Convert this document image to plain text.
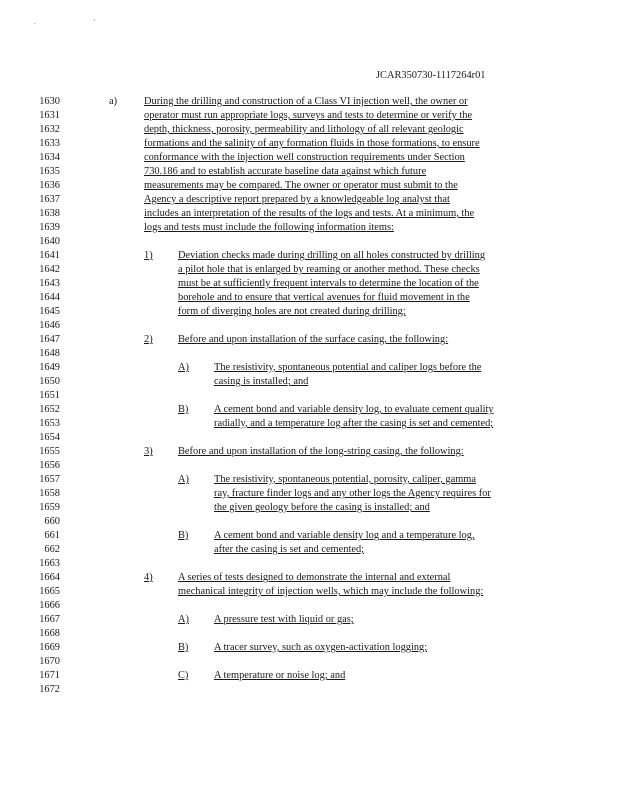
. '
JCAR350730-1117264r01
1630
1631
1632
1633
1634
1635
1636
1637
1638
1639
1640
1641
1642
1643
1644
1645
1646
1647
1648
1649
1650
1651
1652
1653
1654
1655
1656
1657
1658
1659
660
661
662
1663
1664
1665
1666
1667
1668
1669
1670
1671
1672
a)	During the drilling and construction of a Class VI injection well, the owner or
operator must run appropriate logs, surveys and tests to determine or verify the
depth, thickness, porosity, permeability and lithology of all relevant geologic
formations and the salinity of any formation fluids in those formations, to ensure
conformance with the injection well construction requirements under Section
730.186 and to establish accurate baseline data against which future
measurements may be compared. The owner or operator must submit to the
Agency a descriptive report prepared by a knowledgeable log analyst that
includes an interpretation of the results of the logs and tests. At a minimum, the
logs and tests must include the following information items:
1) Deviation checks made during drilling on all holes constructed by drilling
a pilot hole that is enlarged by reaming or another method. These checks
must be at sufficiently frequent intervals to determine the location of the
borehole and to ensure that vertical avenues for fluid movement in the
form of diverging holes are not created during drilling;
2) Before and upon installation of the surface casing, the following:
A) The resistivity, spontaneous potential and caliper logs before the
casing is installed; and
B) A cement bond and variable density log, to evaluate cement quality
radially, and a temperature log after the casing is set and cemented;
3) Before and upon installation of the long-string casing, the following:
A) The resistivity, spontaneous potential, porosity, caliper, gamma
ray, fracture finder logs and any other logs the Agency requires for
the given geology before the casing is installed; and
B) A cement bond and variable density log and a temperature log,
after the casing is set and cemented;
4) A series of tests designed to demonstrate the internal and external
mechanical integrity of injection wells, which may include the following:
A) A pressure test with liquid or gas;
B) A tracer survey, such as oxygen-activation logging;
C) A temperature or noise log; and
